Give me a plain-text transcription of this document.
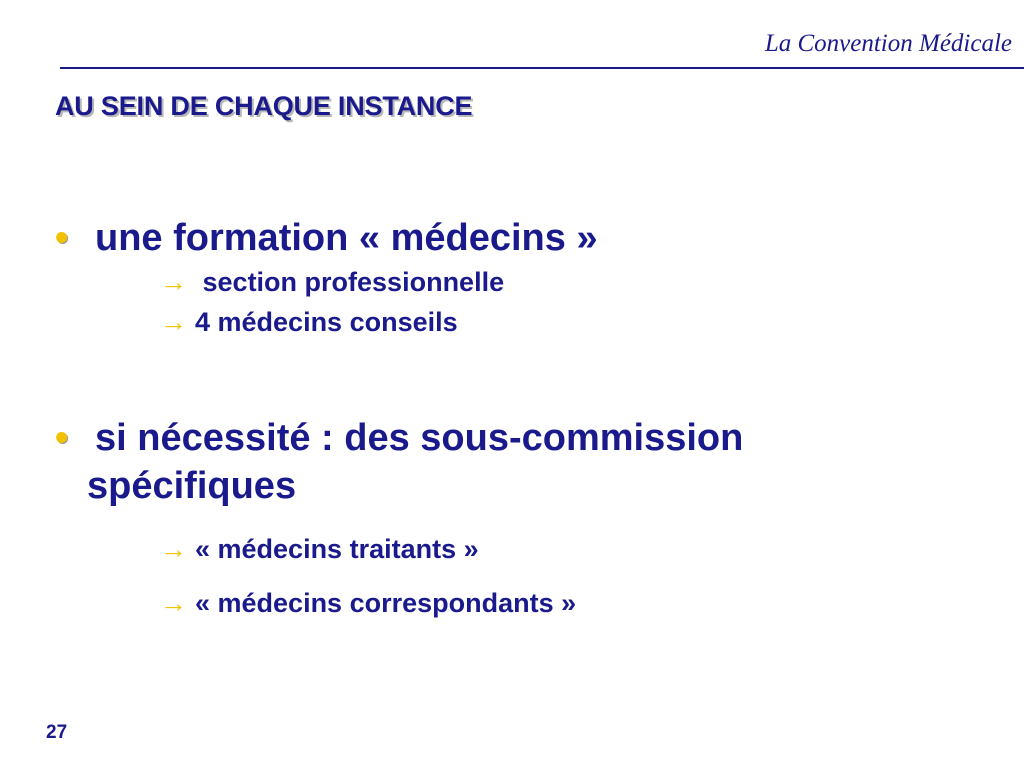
La Convention Médicale
AU SEIN DE CHAQUE INSTANCE
• une formation « médecins »
→ section professionnelle
→ 4 médecins conseils
• si nécessité : des sous-commission
spécifiques
→ « médecins traitants »
→ « médecins correspondants »
27
